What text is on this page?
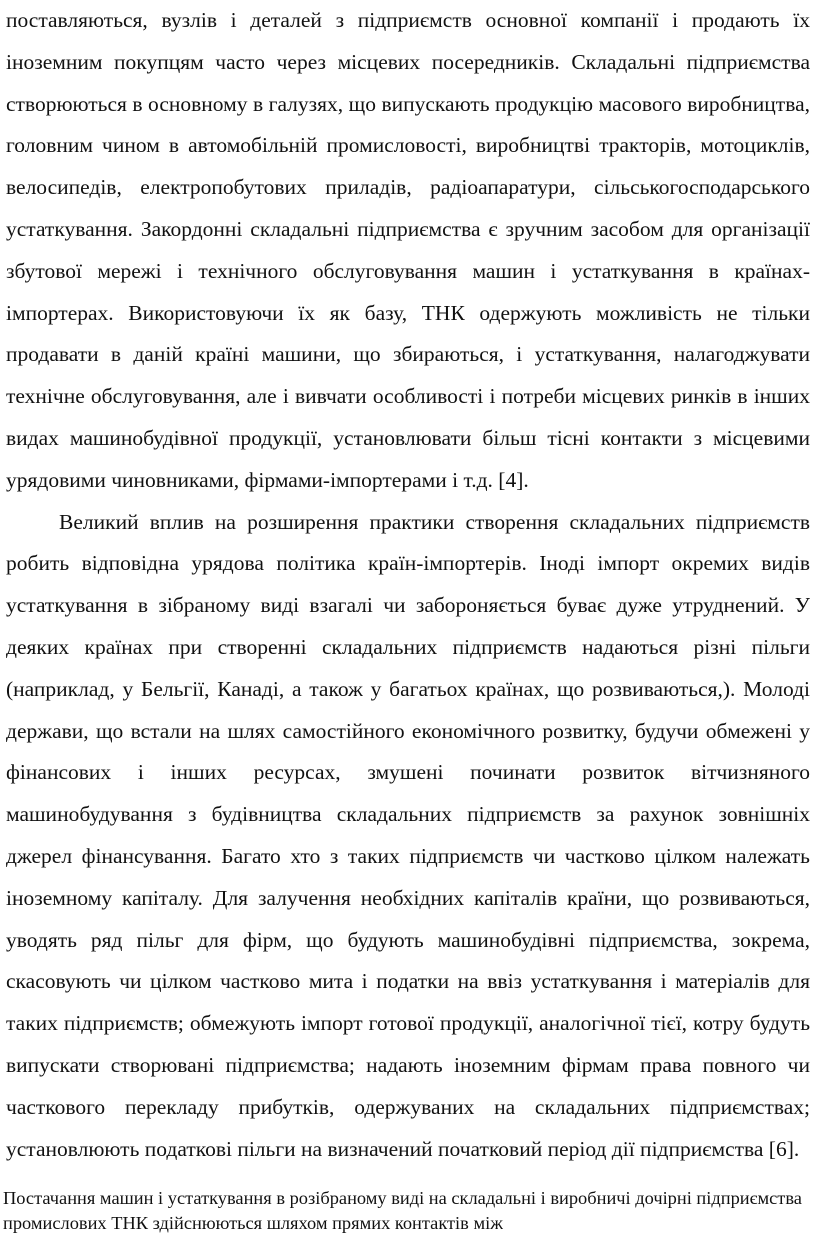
поставляються, вузлів і деталей з підприємств основної компанії і продають їх іноземним покупцям часто через місцевих посередників. Складальні підприємства створюються в основному в галузях, що випускають продукцію масового виробництва, головним чином в автомобільній промисловості, виробництві тракторів, мотоциклів, велосипедів, електропобутових приладів, радіоапаратури, сільськогосподарського устаткування. Закордонні складальні підприємства є зручним засобом для організації збутової мережі і технічного обслуговування машин і устаткування в країнах-імпортерах. Використовуючи їх як базу, ТНК одержують можливість не тільки продавати в даній країні машини, що збираються, і устаткування, налагоджувати технічне обслуговування, але і вивчати особливості і потреби місцевих ринків в інших видах машинобудівної продукції, установлювати більш тісні контакти з місцевими урядовими чиновниками, фірмами-імпортерами і т.д. [4].

Великий вплив на розширення практики створення складальних підприємств робить відповідна урядова політика країн-імпортерів. Іноді імпорт окремих видів устаткування в зібраному виді взагалі чи забороняється буває дуже утруднений. У деяких країнах при створенні складальних підприємств надаються різні пільги (наприклад, у Бельгії, Канаді, а також у багатьох країнах, що розвиваються,). Молоді держави, що встали на шлях самостійного економічного розвитку, будучи обмежені у фінансових і інших ресурсах, змушені починати розвиток вітчизняного машинобудування з будівництва складальних підприємств за рахунок зовнішніх джерел фінансування. Багато хто з таких підприємств чи частково цілком належать іноземному капіталу. Для залучення необхідних капіталів країни, що розвиваються, уводять ряд пільг для фірм, що будують машинобудівні підприємства, зокрема, скасовують чи цілком частково мита і податки на ввіз устаткування і матеріалів для таких підприємств; обмежують імпорт готової продукції, аналогічної тієї, котру будуть випускати створювані підприємства; надають іноземним фірмам права повного чи часткового перекладу прибутків, одержуваних на складальних підприємствах; установлюють податкові пільги на визначений початковий період дії підприємства [6].

Постачання машин і устаткування в розібраному виді на складальні і виробничі дочірні підприємства промислових ТНК здійснюються шляхом прямих контактів між
